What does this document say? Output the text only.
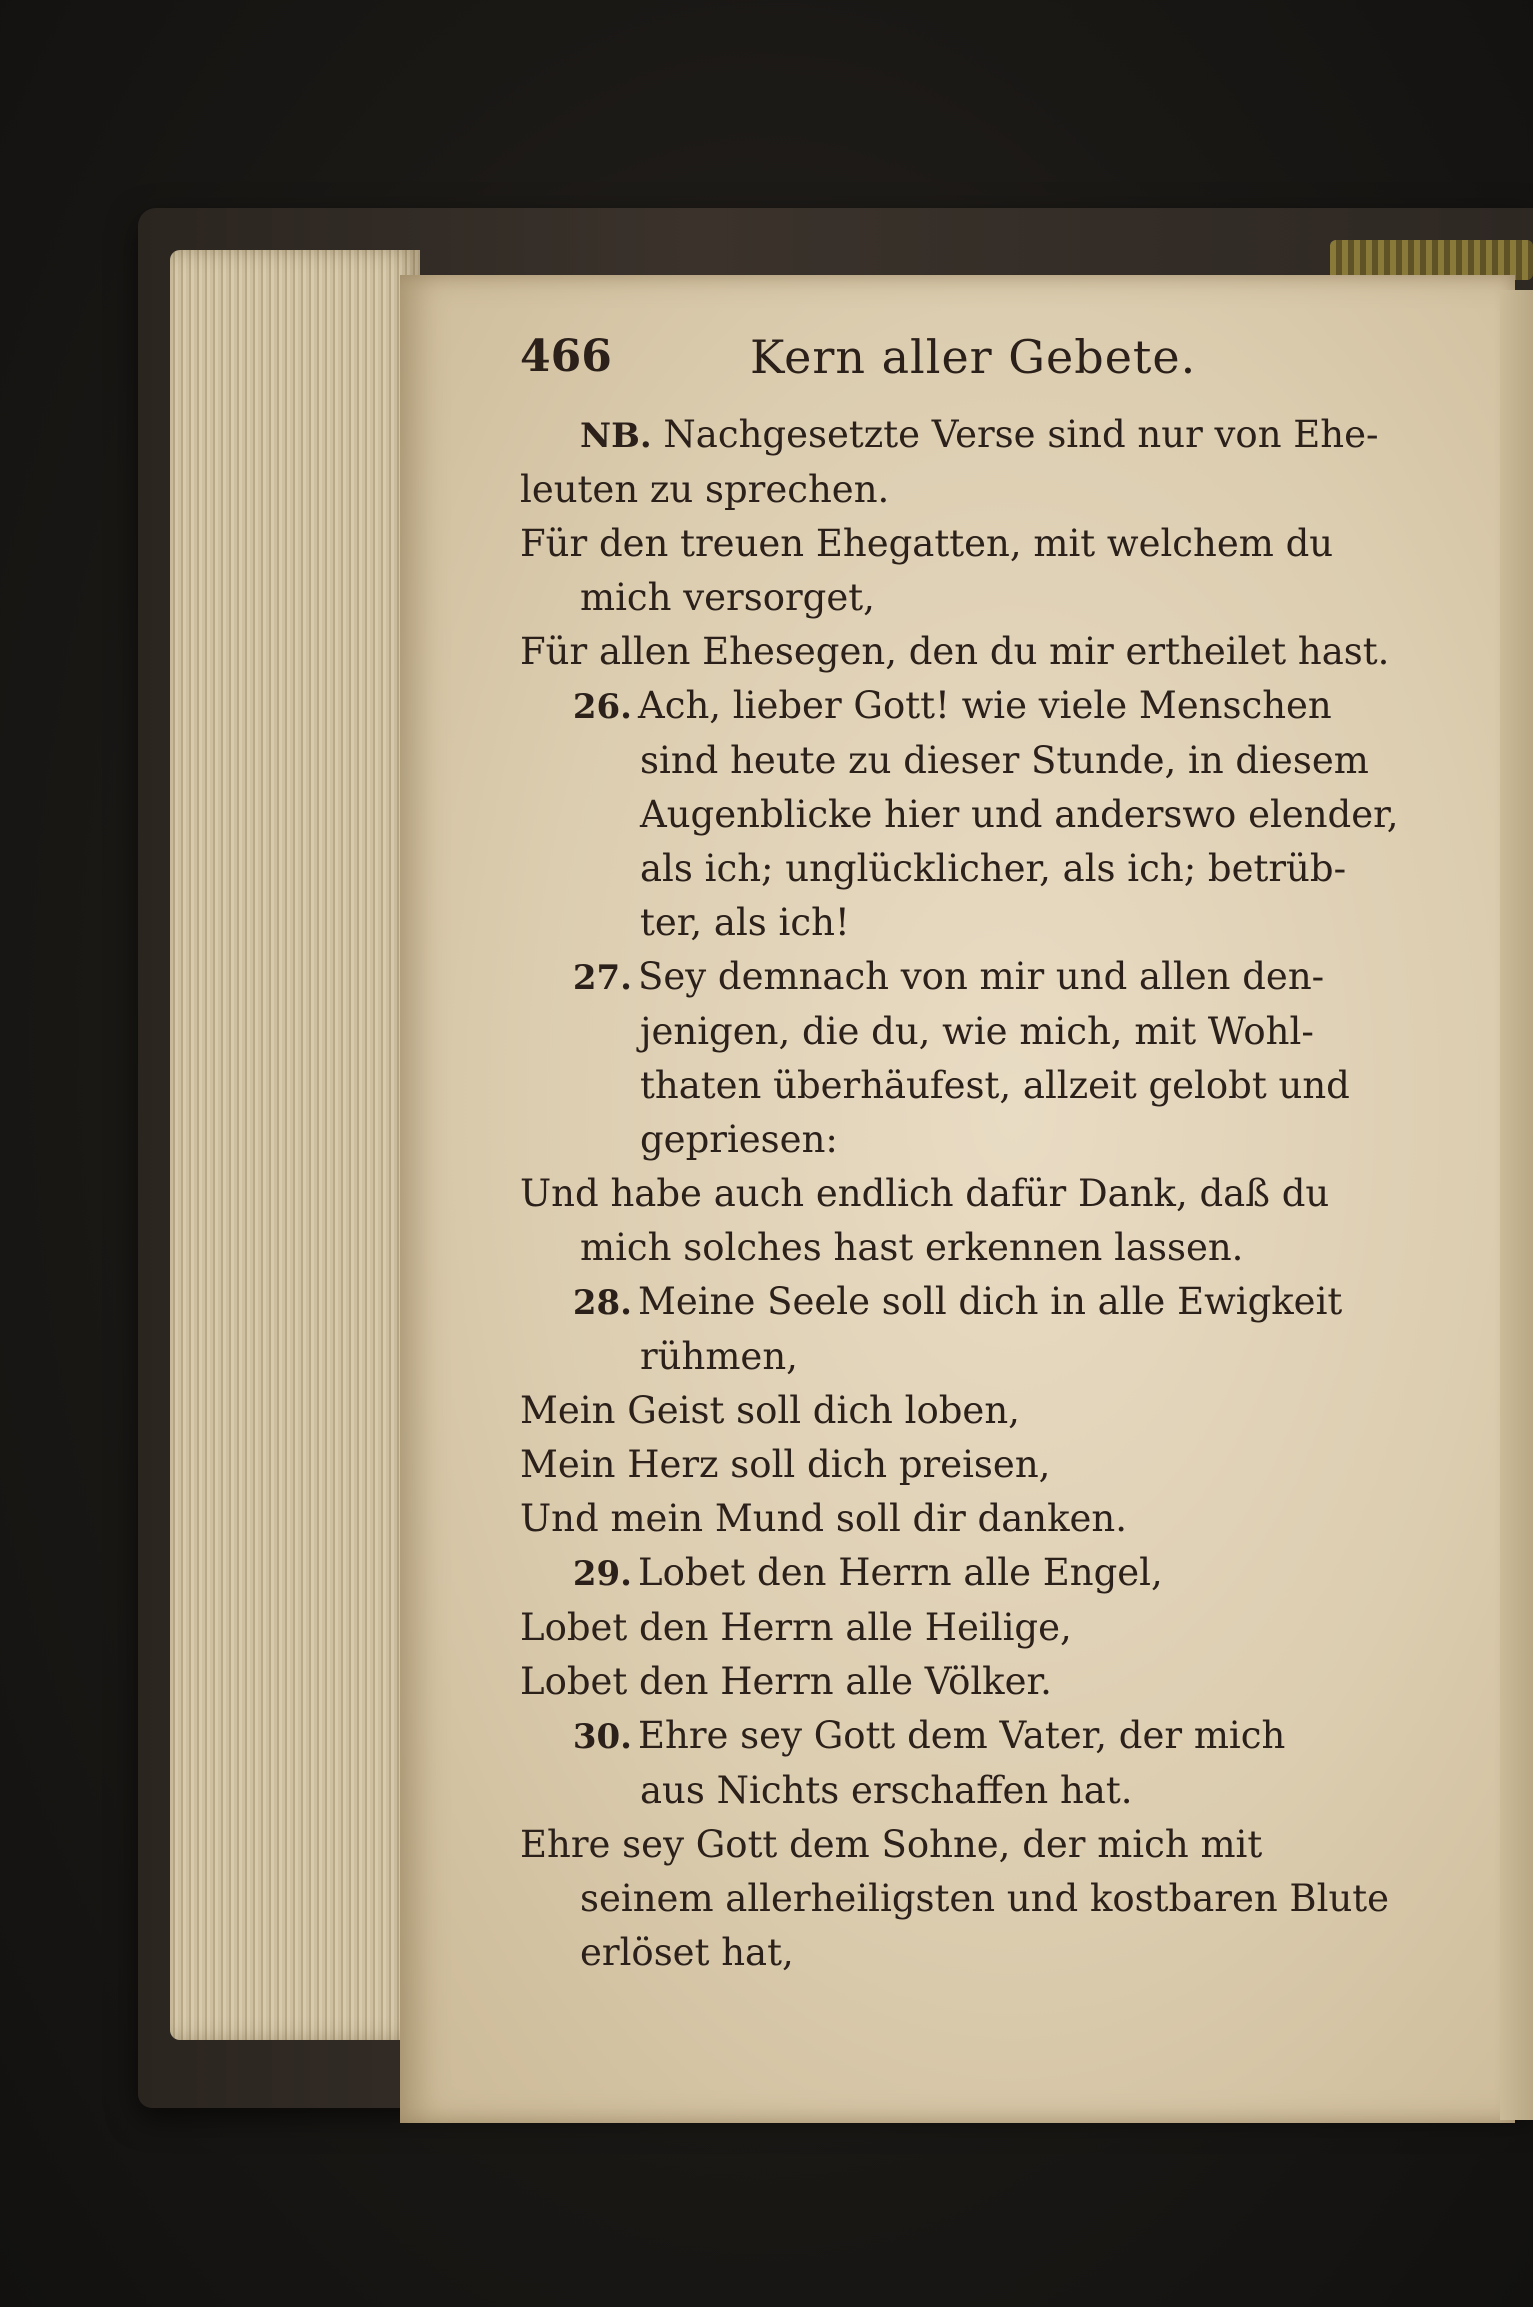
466	Kern aller Gebete.
NB. Nachgesetzte Verse sind nur von Ehe-
leuten zu sprechen.
Für den treuen Ehegatten, mit welchem du
mich versorget,
Für allen Ehesegen, den du mir ertheilet hast.
26. Ach, lieber Gott! wie viele Menschen
sind heute zu dieser Stunde, in diesem
Augenblicke hier und anderswo elender,
als ich; unglücklicher, als ich; betrüb-
ter, als ich!
27. Sey demnach von mir und allen den-
jenigen, die du, wie mich, mit Wohl-
thaten überhäufest, allzeit gelobt und
gepriesen:
Und habe auch endlich dafür Dank, daß du
mich solches hast erkennen lassen.
28. Meine Seele soll dich in alle Ewigkeit
rühmen,
Mein Geist soll dich loben,
Mein Herz soll dich preisen,
Und mein Mund soll dir danken.
29. Lobet den Herrn alle Engel,
Lobet den Herrn alle Heilige,
Lobet den Herrn alle Völker.
30. Ehre sey Gott dem Vater, der mich
aus Nichts erschaffen hat.
Ehre sey Gott dem Sohne, der mich mit
seinem allerheiligsten und kostbaren Blute
erlöset hat,
